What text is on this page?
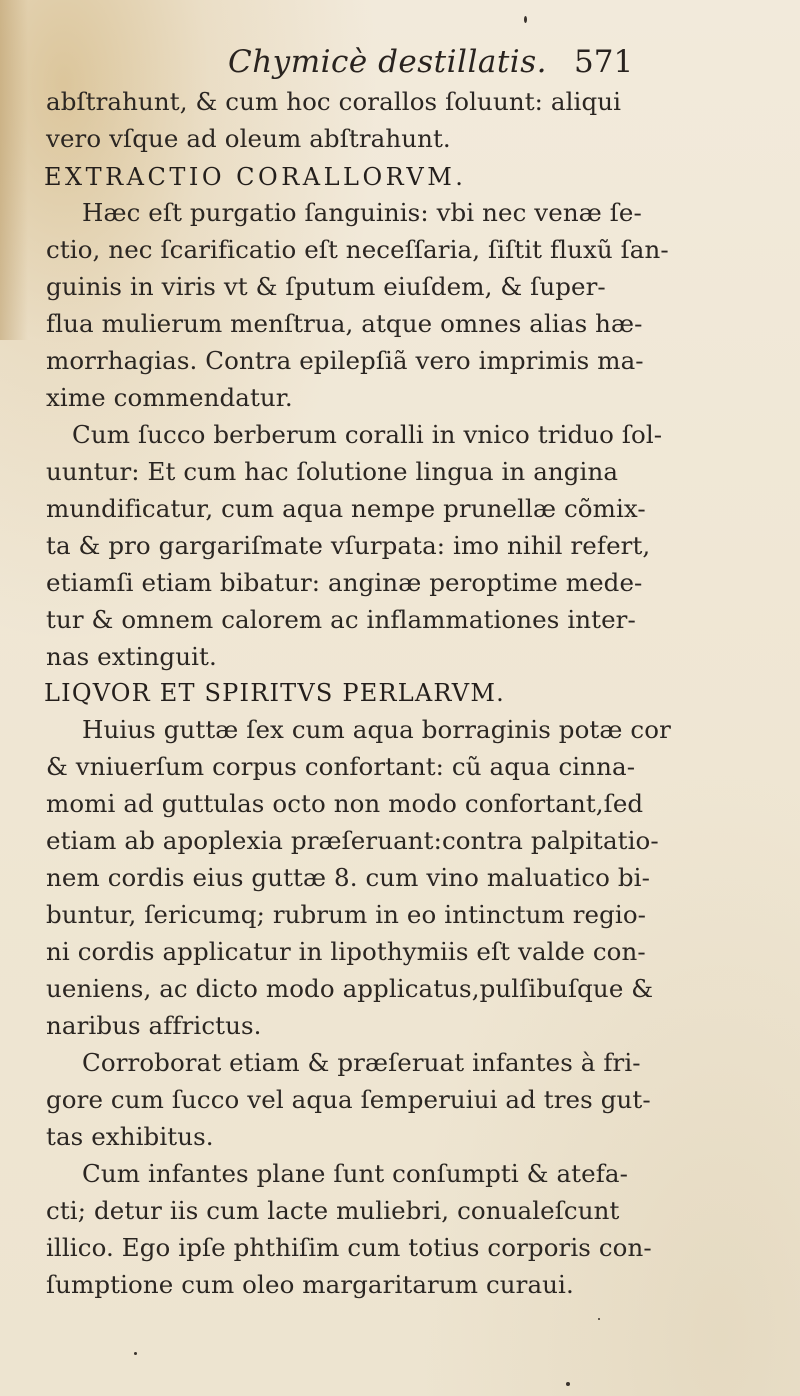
Chymicè destillatis. 571
abſtrahunt, & cum hoc corallos ſoluunt: aliqui
vero vſque ad oleum abſtrahunt.
EXTRACTIO CORALLORVM.
Hæc eſt purgatio ſanguinis: vbi nec venæ ſe-
ctio, nec ſcarificatio eſt neceſſaria, ſiſtit fluxũ ſan-
guinis in viris vt & ſputum eiuſdem, & ſuper-
flua mulierum menſtrua, atque omnes alias hæ-
morrhagias. Contra epilepſiã vero imprimis ma-
xime commendatur.
Cum ſucco berberum coralli in vnico triduo ſol-
uuntur: Et cum hac ſolutione lingua in angina
mundificatur, cum aqua nempe prunellæ cõmix-
ta & pro gargariſmate vſurpata: imo nihil refert,
etiamſi etiam bibatur: anginæ peroptime mede-
tur & omnem calorem ac inflammationes inter-
nas extinguit.
LIQVOR ET SPIRITVS PERLARVM.
Huius guttæ ſex cum aqua borraginis potæ cor
& vniuerſum corpus confortant: cũ aqua cinna-
momi ad guttulas octo non modo confortant,ſed
etiam ab apoplexia præſeruant:contra palpitatio-
nem cordis eius guttæ 8. cum vino maluatico bi-
buntur, ſericumq; rubrum in eo intinctum regio-
ni cordis applicatur in lipothymiis eſt valde con-
ueniens, ac dicto modo applicatus,pulſibuſque &
naribus affrictus.
Corroborat etiam & præſeruat infantes à fri-
gore cum ſucco vel aqua ſemperuiui ad tres gut-
tas exhibitus.
Cum infantes plane ſunt conſumpti & atefa-
cti; detur iis cum lacte muliebri, conualeſcunt
illico. Ego ipſe phthiſim cum totius corporis con-
ſumptione cum oleo margaritarum curaui.
